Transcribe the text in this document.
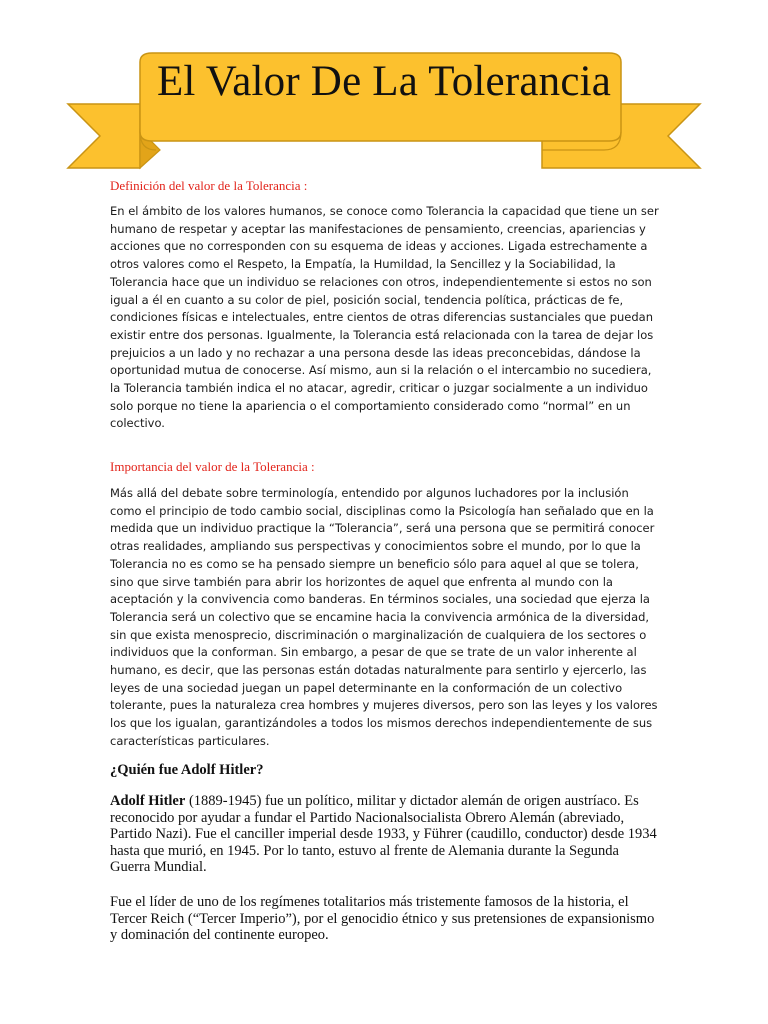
El Valor De La Tolerancia
Definición del valor de la Tolerancia :

En el ámbito de los valores humanos, se conoce como Tolerancia la capacidad que tiene un ser humano de respetar y aceptar las manifestaciones de pensamiento, creencias, apariencias y acciones que no corresponden con su esquema de ideas y acciones. Ligada estrechamente a otros valores como el Respeto, la Empatía, la Humildad, la Sencillez y la Sociabilidad, la Tolerancia hace que un individuo se relaciones con otros, independientemente si estos no son igual a él en cuanto a su color de piel, posición social, tendencia política, prácticas de fe, condiciones físicas e intelectuales, entre cientos de otras diferencias sustanciales que puedan existir entre dos personas. Igualmente, la Tolerancia está relacionada con la tarea de dejar los prejuicios a un lado y no rechazar a una persona desde las ideas preconcebidas, dándose la oportunidad mutua de conocerse. Así mismo, aun si la relación o el intercambio no sucediera, la Tolerancia también indica el no atacar, agredir, criticar o juzgar socialmente a un individuo solo porque no tiene la apariencia o el comportamiento considerado como “normal” en un colectivo.

Importancia del valor de la Tolerancia :

Más allá del debate sobre terminología, entendido por algunos luchadores por la inclusión como el principio de todo cambio social, disciplinas como la Psicología han señalado que en la medida que un individuo practique la “Tolerancia”, será una persona que se permitirá conocer otras realidades, ampliando sus perspectivas y conocimientos sobre el mundo, por lo que la Tolerancia no es como se ha pensado siempre un beneficio sólo para aquel al que se tolera, sino que sirve también para abrir los horizontes de aquel que enfrenta al mundo con la aceptación y la convivencia como banderas. En términos sociales, una sociedad que ejerza la Tolerancia será un colectivo que se encamine hacia la convivencia armónica de la diversidad, sin que exista menosprecio, discriminación o marginalización de cualquiera de los sectores o individuos que la conforman. Sin embargo, a pesar de que se trate de un valor inherente al humano, es decir, que las personas están dotadas naturalmente para sentirlo y ejercerlo, las leyes de una sociedad juegan un papel determinante en la conformación de un colectivo tolerante, pues la naturaleza crea hombres y mujeres diversos, pero son las leyes y los valores los que los igualan, garantizándoles a todos los mismos derechos independientemente de sus características particulares.

¿Quién fue Adolf Hitler?

Adolf Hitler (1889-1945) fue un político, militar y dictador alemán de origen austríaco. Es reconocido por ayudar a fundar el Partido Nacionalsocialista Obrero Alemán (abreviado, Partido Nazi). Fue el canciller imperial desde 1933, y Führer (caudillo, conductor) desde 1934 hasta que murió, en 1945. Por lo tanto, estuvo al frente de Alemania durante la Segunda Guerra Mundial.

Fue el líder de uno de los regímenes totalitarios más tristemente famosos de la historia, el Tercer Reich (“Tercer Imperio”), por el genocidio étnico y sus pretensiones de expansionismo y dominación del continente europeo.
